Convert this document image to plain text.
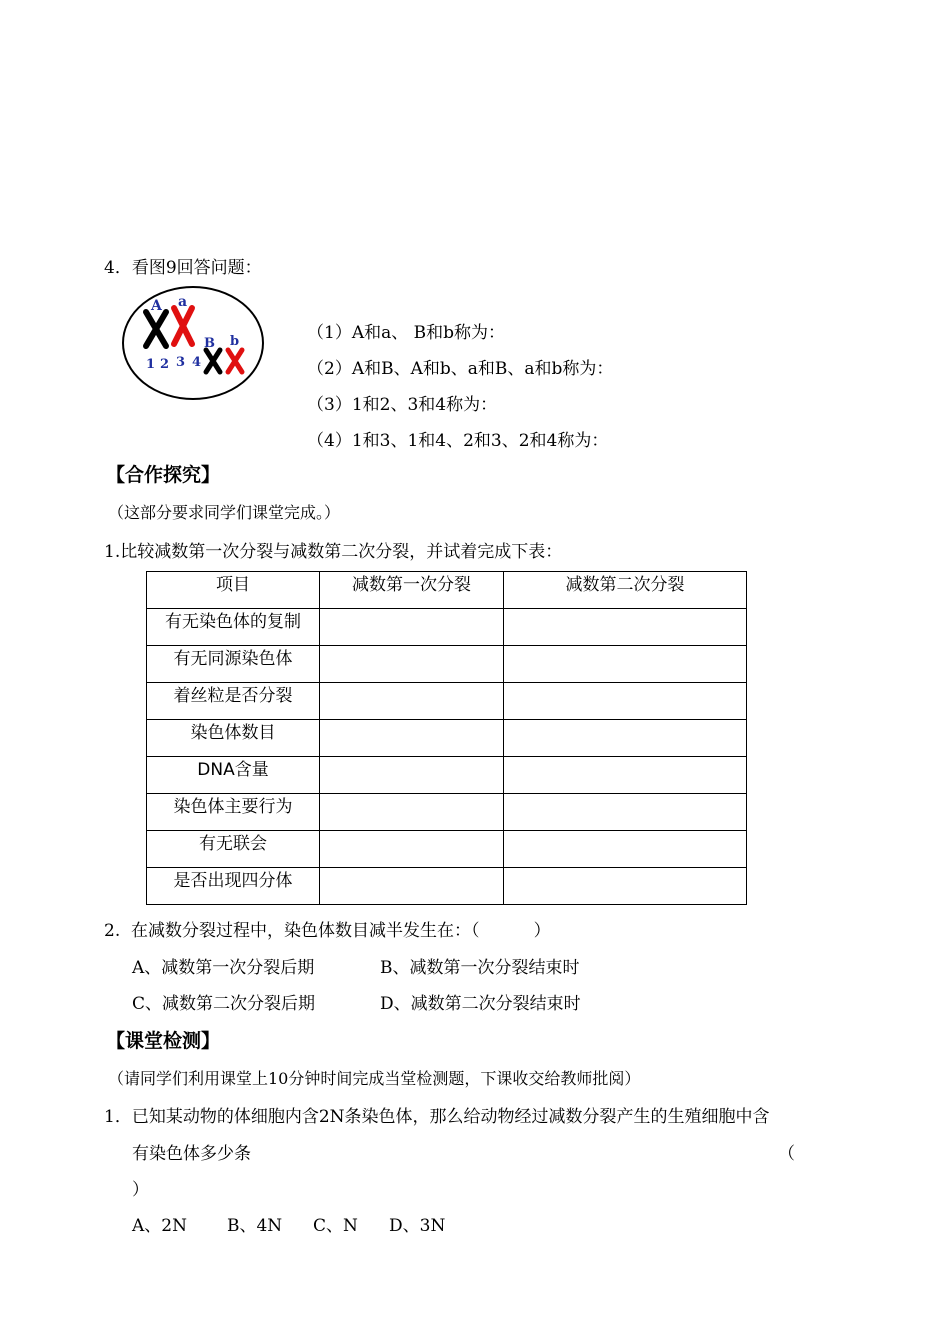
4．看图9回答问题：
A a
B b
1 2 3 4
（1）A和a、 B和b称为：
（2）A和B、A和b、a和B、a和b称为：
（3）1和2、3和4称为：
（4）1和3、1和4、2和3、2和4称为：
【合作探究】
（这部分要求同学们课堂完成。）
1.比较减数第一次分裂与减数第二次分裂，并试着完成下表：
项目	减数第一次分裂	减数第二次分裂
有无染色体的复制		
有无同源染色体		
着丝粒是否分裂		
染色体数目		
DNA含量		
染色体主要行为		
有无联会		
是否出现四分体		
2.  在减数分裂过程中，染色体数目减半发生在：（          ）
A、减数第一次分裂后期	B、减数第一次分裂结束时
C、减数第二次分裂后期	D、减数第二次分裂结束时
【课堂检测】
（请同学们利用课堂上10分钟时间完成当堂检测题，下课收交给教师批阅）
1．已知某动物的体细胞内含2N条染色体，那么给动物经过减数分裂产生的生殖细胞中含
有染色体多少条	（
）
A、2N B、4N C、N D、3N
